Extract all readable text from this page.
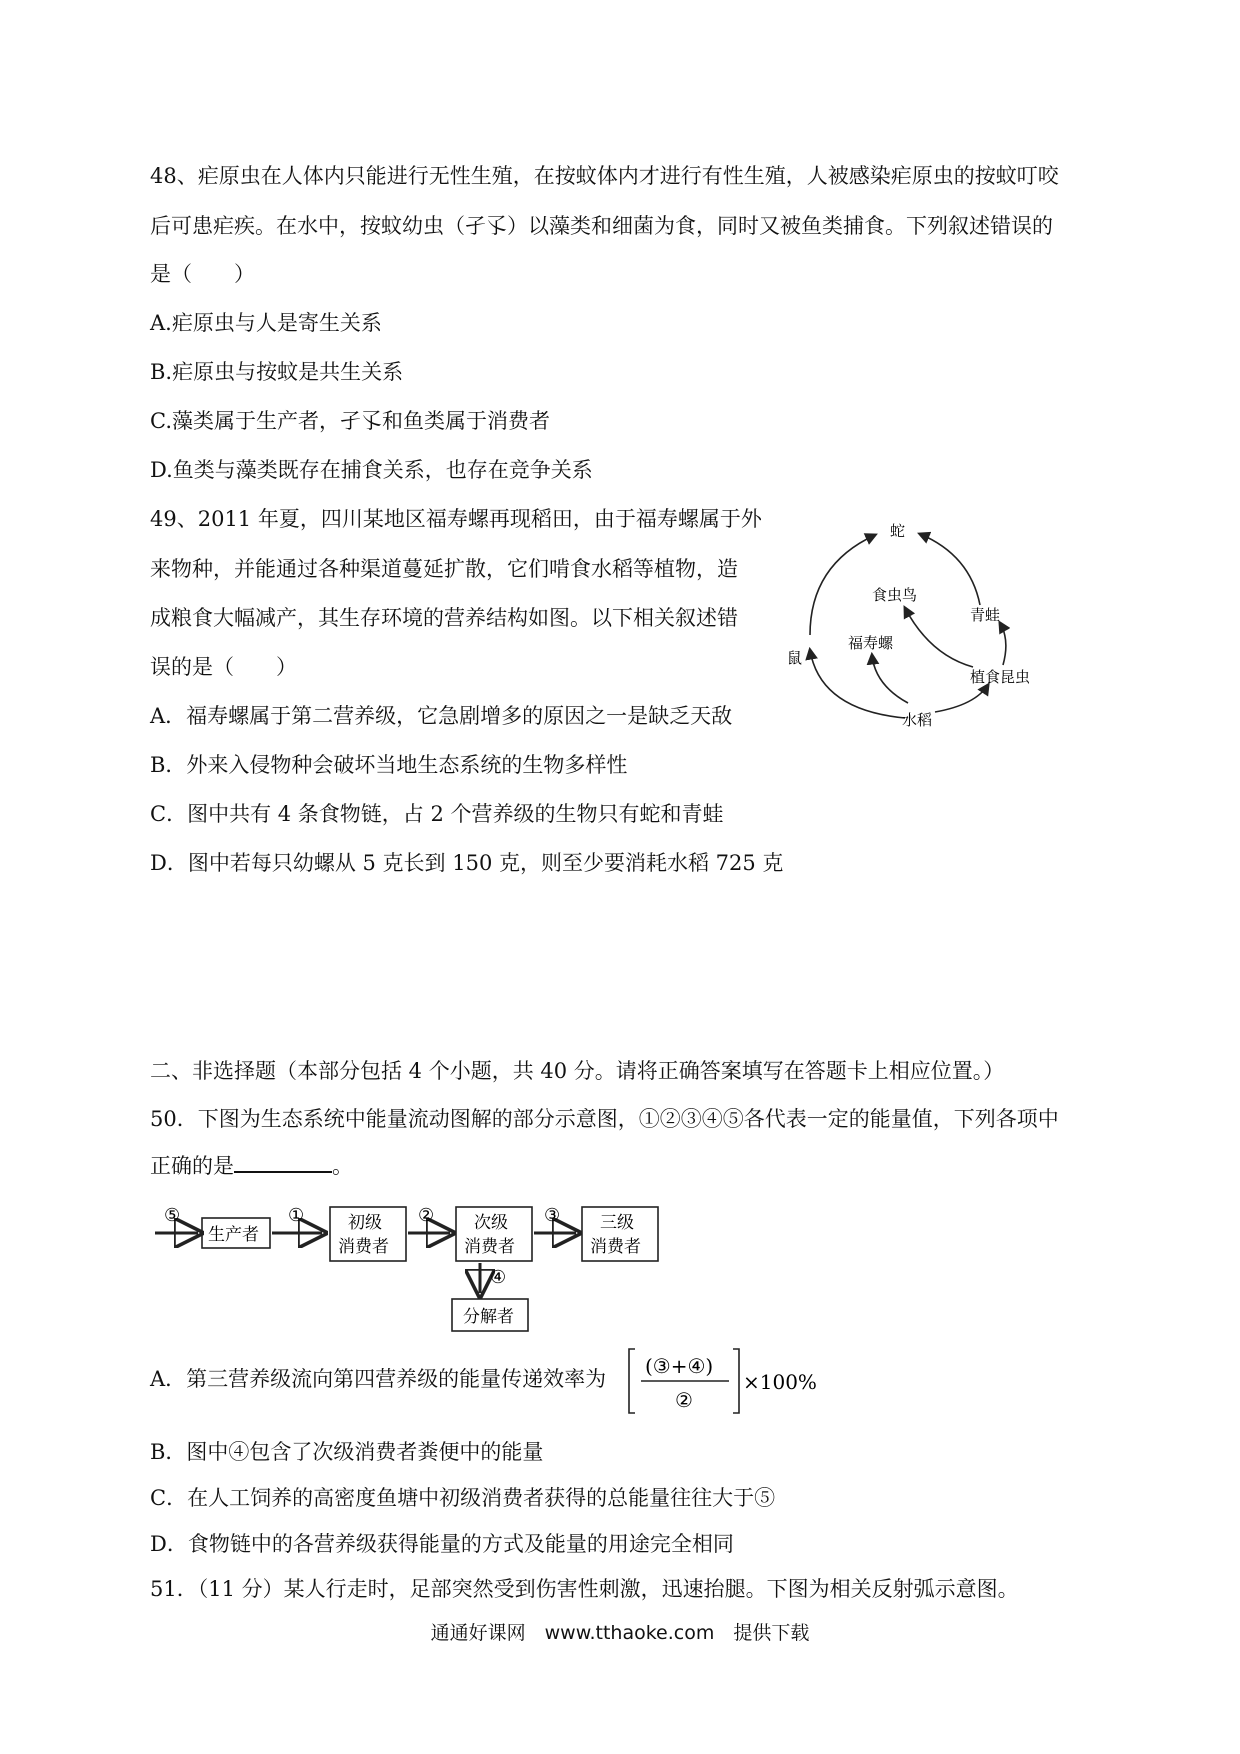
48、疟原虫在人体内只能进行无性生殖，在按蚊体内才进行有性生殖，人被感染疟原虫的按蚊叮咬
后可患疟疾。在水中，按蚊幼虫（孑孓）以藻类和细菌为食，同时又被鱼类捕食。下列叙述错误的
是（　　）
A.疟原虫与人是寄生关系
B.疟原虫与按蚊是共生关系
C.藻类属于生产者，孑孓和鱼类属于消费者
D.鱼类与藻类既存在捕食关系，也存在竞争关系
49、2011 年夏，四川某地区福寿螺再现稻田，由于福寿螺属于外
来物种，并能通过各种渠道蔓延扩散，它们啃食水稻等植物，造
成粮食大幅减产，其生存环境的营养结构如图。以下相关叙述错
误的是（　　）
A．福寿螺属于第二营养级，它急剧增多的原因之一是缺乏天敌
B．外来入侵物种会破坏当地生态系统的生物多样性
C．图中共有 4 条食物链，占 2 个营养级的生物只有蛇和青蛙
D．图中若每只幼螺从 5 克长到 150 克，则至少要消耗水稻 725 克
蛇
食虫鸟
青蛙
福寿螺
鼠
植食昆虫
水稻
二、非选择题（本部分包括 4 个小题，共 40 分。请将正确答案填写在答题卡上相应位置。）
50．下图为生态系统中能量流动图解的部分示意图，①②③④⑤各代表一定的能量值，下列各项中
正确的是	。
⑤	①	②	③
④
生产者
初级
消费者
次级
消费者
三级
消费者
分解者
A．第三营养级流向第四营养级的能量传递效率为
(③+④)
②
×100%
B．图中④包含了次级消费者粪便中的能量
C．在人工饲养的高密度鱼塘中初级消费者获得的总能量往往大于⑤
D．食物链中的各营养级获得能量的方式及能量的用途完全相同
51．（11 分）某人行走时，足部突然受到伤害性刺激，迅速抬腿。下图为相关反射弧示意图。
通通好课网　www.tthaoke.com　提供下载
